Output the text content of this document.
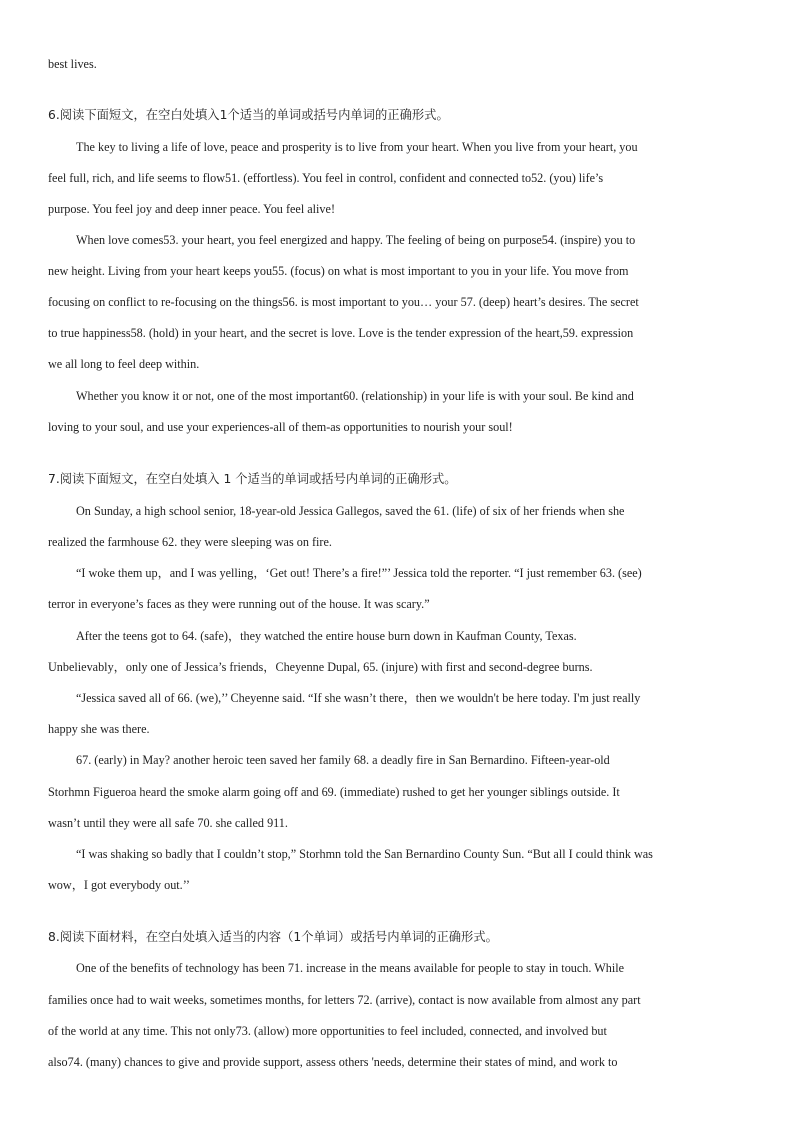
best lives.
6.阅读下面短文，在空白处填入1个适当的单词或括号内单词的正确形式。
The key to living a life of love, peace and prosperity is to live from your heart. When you live from your heart, you
feel full, rich, and life seems to flow51. (effortless). You feel in control, confident and connected to52. (you) life’s
purpose. You feel joy and deep inner peace. You feel alive!
When love comes53. your heart, you feel energized and happy. The feeling of being on purpose54. (inspire) you to
new height. Living from your heart keeps you55. (focus) on what is most important to you in your life. You move from
focusing on conflict to re-focusing on the things56. is most important to you… your 57. (deep) heart’s desires. The secret
to true happiness58. (hold) in your heart, and the secret is love. Love is the tender expression of the heart,59. expression
we all long to feel deep within.
Whether you know it or not, one of the most important60. (relationship) in your life is with your soul. Be kind and
loving to your soul, and use your experiences-all of them-as opportunities to nourish your soul!
7.阅读下面短文，在空白处填入 1 个适当的单词或括号内单词的正确形式。
On Sunday, a high school senior, 18-year-old Jessica Gallegos, saved the 61. (life) of six of her friends when she
realized the farmhouse 62. they were sleeping was on fire.
“I woke them up，and I was yelling，‘Get out! There’s a fire!”’ Jessica told the reporter. “I just remember 63. (see)
terror in everyone’s faces as they were running out of the house. It was scary.”
After the teens got to 64. (safe)，they watched the entire house burn down in Kaufman County, Texas.
Unbelievably，only one of Jessica’s friends，Cheyenne Dupal, 65. (injure) with first and second-degree burns.
“Jessica saved all of 66. (we),’’ Cheyenne said. “If she wasn’t there，then we wouldn't be here today. I'm just really
happy she was there.
67. (early) in May? another heroic teen saved her family 68. a deadly fire in San Bernardino. Fifteen-year-old
Storhmn Figueroa heard the smoke alarm going off and 69. (immediate) rushed to get her younger siblings outside. It
wasn’t until they were all safe 70. she called 911.
“I was shaking so badly that I couldn’t stop,” Storhmn told the San Bernardino County Sun. “But all I could think was
wow，I got everybody out.’’
8.阅读下面材料，在空白处填入适当的内容（1个单词）或括号内单词的正确形式。
One of the benefits of technology has been 71. increase in the means available for people to stay in touch. While
families once had to wait weeks, sometimes months, for letters 72. (arrive), contact is now available from almost any part
of the world at any time. This not only73. (allow) more opportunities to feel included, connected, and involved but
also74. (many) chances to give and provide support, assess others 'needs, determine their states of mind, and work to
